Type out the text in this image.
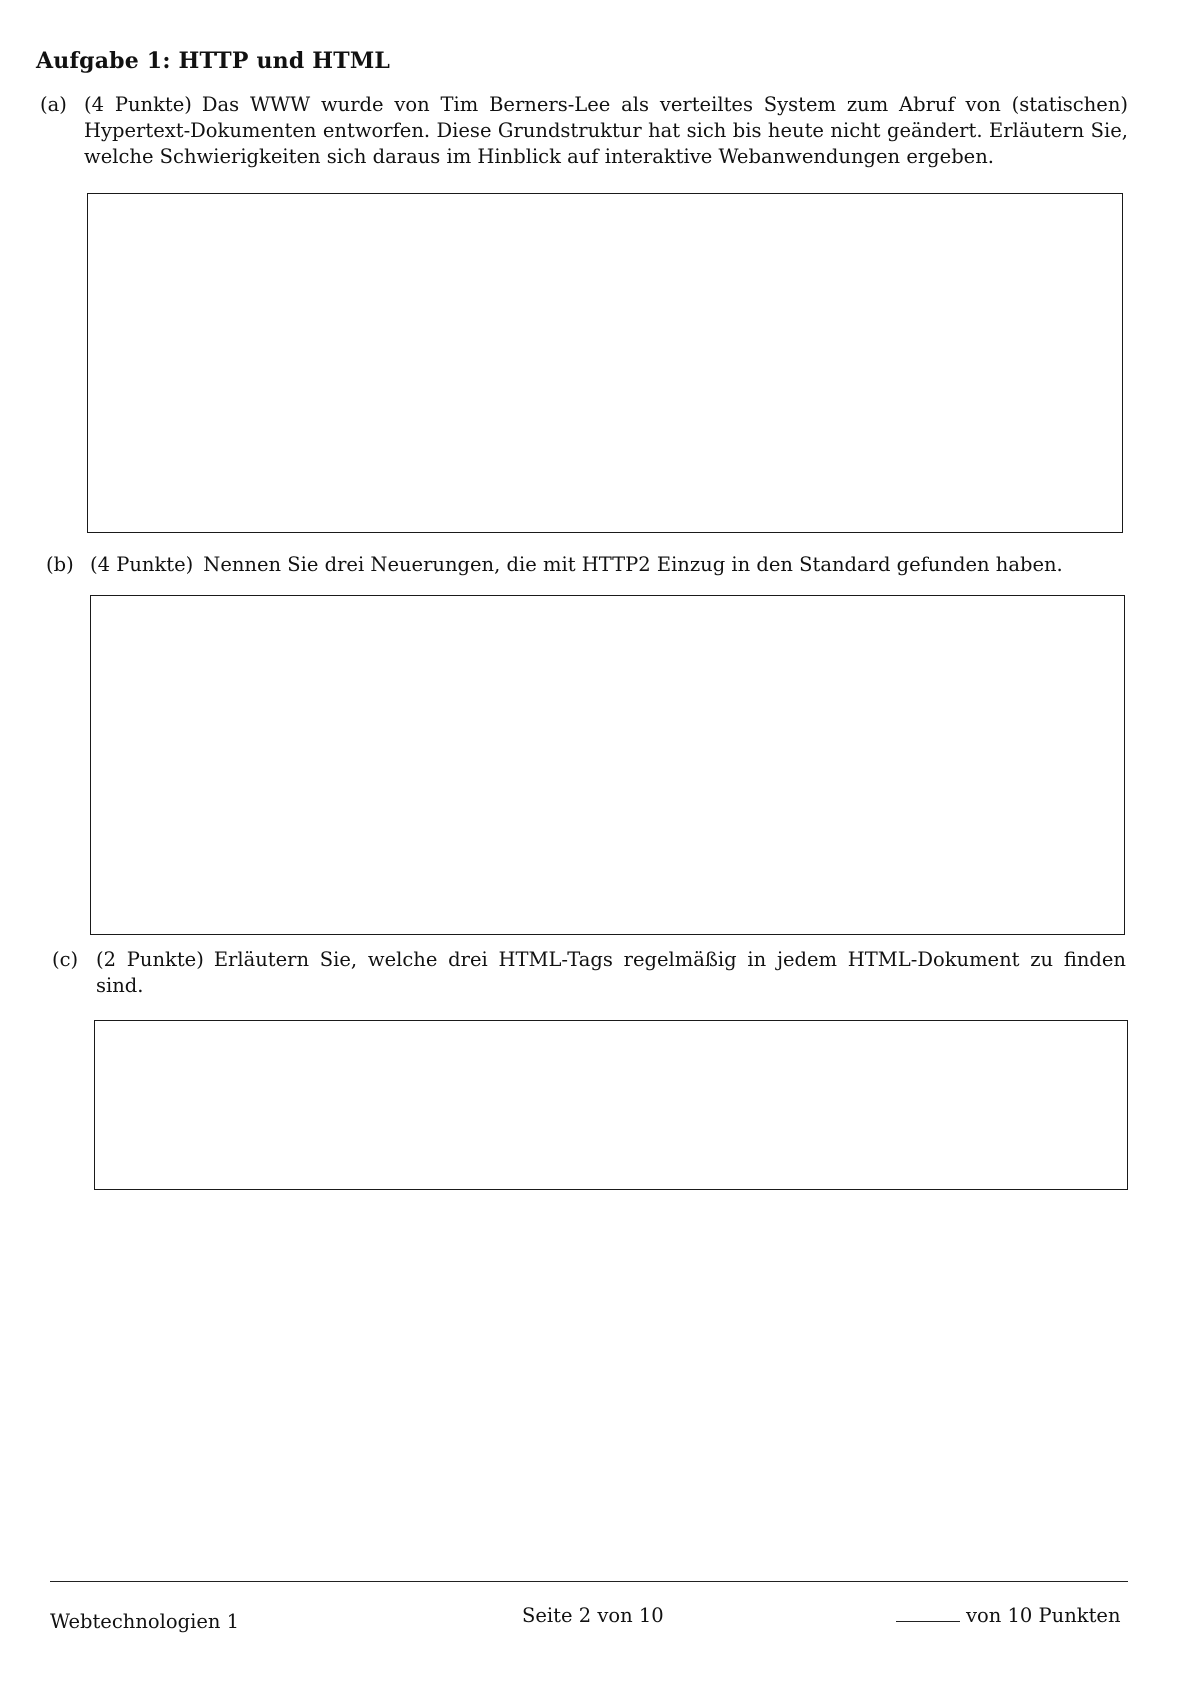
Aufgabe 1: HTTP und HTML
(a) (4 Punkte) Das WWW wurde von Tim Berners-Lee als verteiltes System zum Abruf von (statischen) Hypertext-Dokumenten entworfen. Diese Grundstruktur hat sich bis heute nicht geändert. Erläutern Sie, welche Schwierigkeiten sich daraus im Hinblick auf interaktive Webanwendungen ergeben.
(b) (4 Punkte) Nennen Sie drei Neuerungen, die mit HTTP2 Einzug in den Standard gefunden haben.
(c) (2 Punkte) Erläutern Sie, welche drei HTML-Tags regelmäßig in jedem HTML-Dokument zu finden sind.
Webtechnologien 1	Seite 2 von 10	von 10 Punkten
